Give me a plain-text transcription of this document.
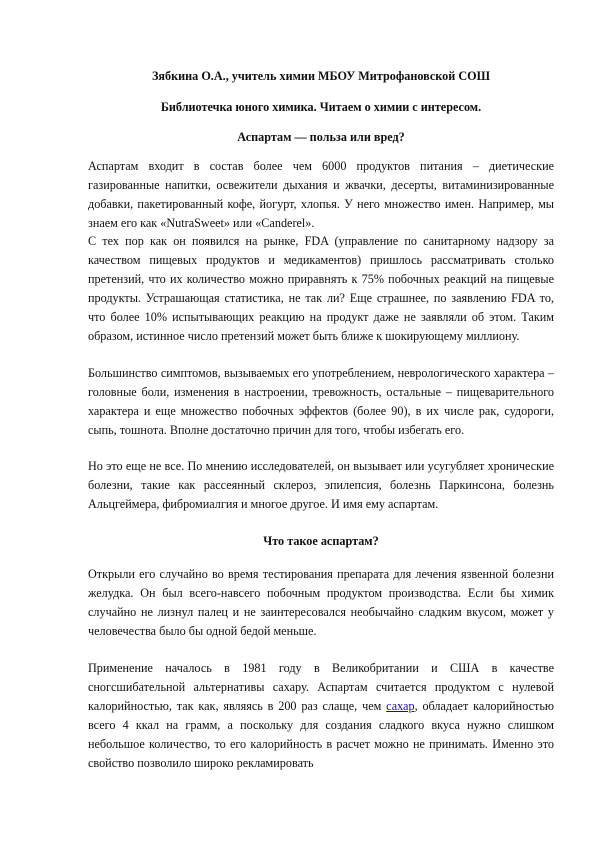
Зябкина О.А., учитель химии МБОУ Митрофановской СОШ
Библиотечка юного химика. Читаем о химии с интересом.
Аспартам — польза или вред?
Аспартам входит в состав более чем 6000 продуктов питания – диетические газированные напитки, освежители дыхания и жвачки, десерты, витаминизированные добавки, пакетированный кофе, йогурт, хлопья. У него множество имен. Например, мы знаем его как «NutraSweet» или «Canderel».
С тех пор как он появился на рынке, FDA (управление по санитарному надзору за качеством пищевых продуктов и медикаментов) пришлось рассматривать столько претензий, что их количество можно приравнять к 75% побочных реакций на пищевые продукты. Устрашающая статистика, не так ли? Еще страшнее, по заявлению FDA то, что более 10% испытывающих реакцию на продукт даже не заявляли об этом. Таким образом, истинное число претензий может быть ближе к шокирующему миллиону.
Большинство симптомов, вызываемых его употреблением, неврологического характера – головные боли, изменения в настроении, тревожность, остальные – пищеварительного характера и еще множество побочных эффектов (более 90), в их числе рак, судороги, сыпь, тошнота. Вполне достаточно причин для того, чтобы избегать его.
Но это еще не все. По мнению исследователей, он вызывает или усугубляет хронические болезни, такие как рассеянный склероз, эпилепсия, болезнь Паркинсона, болезнь Альцгеймера, фибромиалгия и многое другое. И имя ему аспартам.
Что такое аспартам?
Открыли его случайно во время тестирования препарата для лечения язвенной болезни желудка. Он был всего-навсего побочным продуктом производства. Если бы химик случайно не лизнул палец и не заинтересовался необычайно сладким вкусом, может у человечества было бы одной бедой меньше.
Применение началось в 1981 году в Великобритании и США в качестве сногсшибательной альтернативы сахару. Аспартам считается продуктом с нулевой калорийностью, так как, являясь в 200 раз слаще, чем сахар, обладает калорийностью всего 4 ккал на грамм, а поскольку для создания сладкого вкуса нужно слишком небольшое количество, то его калорийность в расчет можно не принимать. Именно это свойство позволило широко рекламировать
